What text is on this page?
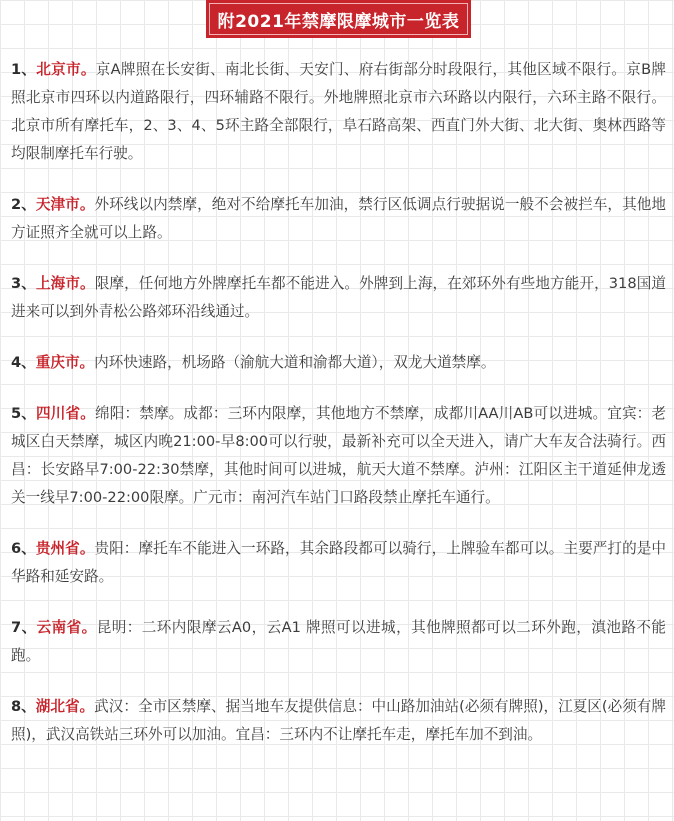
附2021年禁摩限摩城市一览表

1、北京市。京A牌照在长安街、南北长街、天安门、府右街部分时段限行，其他区域不限行。京B牌照北京市四环以内道路限行，四环辅路不限行。外地牌照北京市六环路以内限行，六环主路不限行。北京市所有摩托车，2、3、4、5环主路全部限行，阜石路高架、西直门外大街、北大街、奥林西路等均限制摩托车行驶。

2、天津市。外环线以内禁摩，绝对不给摩托车加油，禁行区低调点行驶据说一般不会被拦车，其他地方证照齐全就可以上路。

3、上海市。限摩，任何地方外牌摩托车都不能进入。外牌到上海，在郊环外有些地方能开，318国道进来可以到外青松公路郊环沿线通过。

4、重庆市。内环快速路，机场路（渝航大道和渝都大道），双龙大道禁摩。

5、四川省。绵阳：禁摩。成都：三环内限摩，其他地方不禁摩，成都川AA川AB可以进城。宜宾：老城区白天禁摩，城区内晚21:00-早8:00可以行驶，最新补充可以全天进入，请广大车友合法骑行。西昌：长安路早7:00-22:30禁摩，其他时间可以进城，航天大道不禁摩。泸州：江阳区主干道延伸龙透关一线早7:00-22:00限摩。广元市：南河汽车站门口路段禁止摩托车通行。

6、贵州省。贵阳：摩托车不能进入一环路，其余路段都可以骑行，上牌验车都可以。主要严打的是中华路和延安路。

7、云南省。昆明：二环内限摩云A0，云A1 牌照可以进城，其他牌照都可以二环外跑，滇池路不能跑。

8、湖北省。武汉：全市区禁摩、据当地车友提供信息：中山路加油站(必须有牌照)，江夏区(必须有牌照)，武汉高铁站三环外可以加油。宜昌：三环内不让摩托车走，摩托车加不到油。
